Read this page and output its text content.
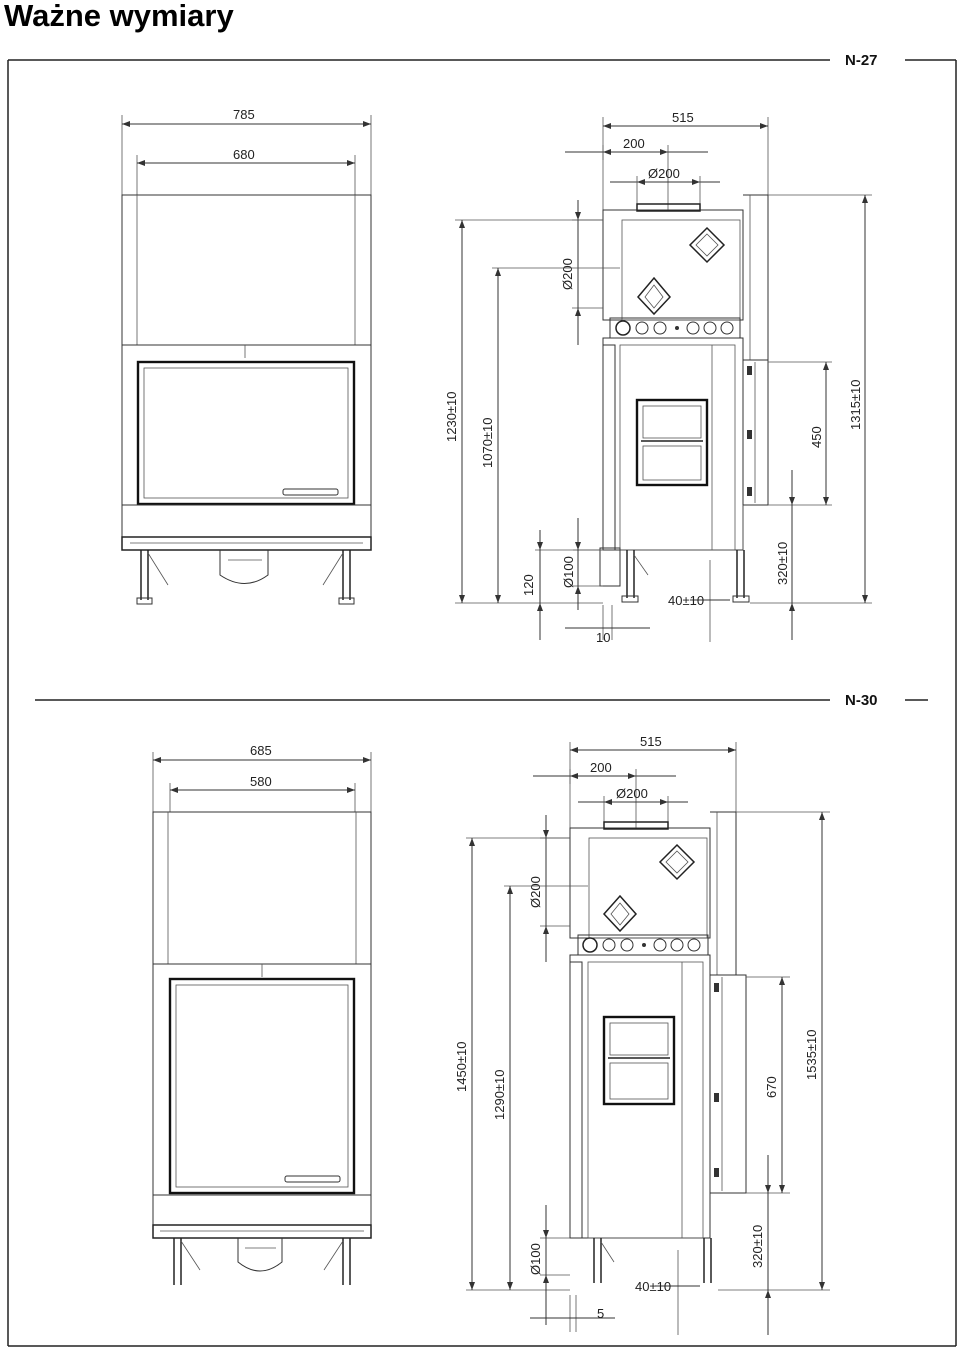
Ważne wymiary
N-27
785
680
515
200
Ø200
Ø200
1230±10
1070±10
1315±10
450
320±10
120 Ø100
10
40±10
N-30
685
580
515
200
Ø200
Ø200
1450±10
1290±10
1535±10
670
320±10
Ø100
5
40±10
